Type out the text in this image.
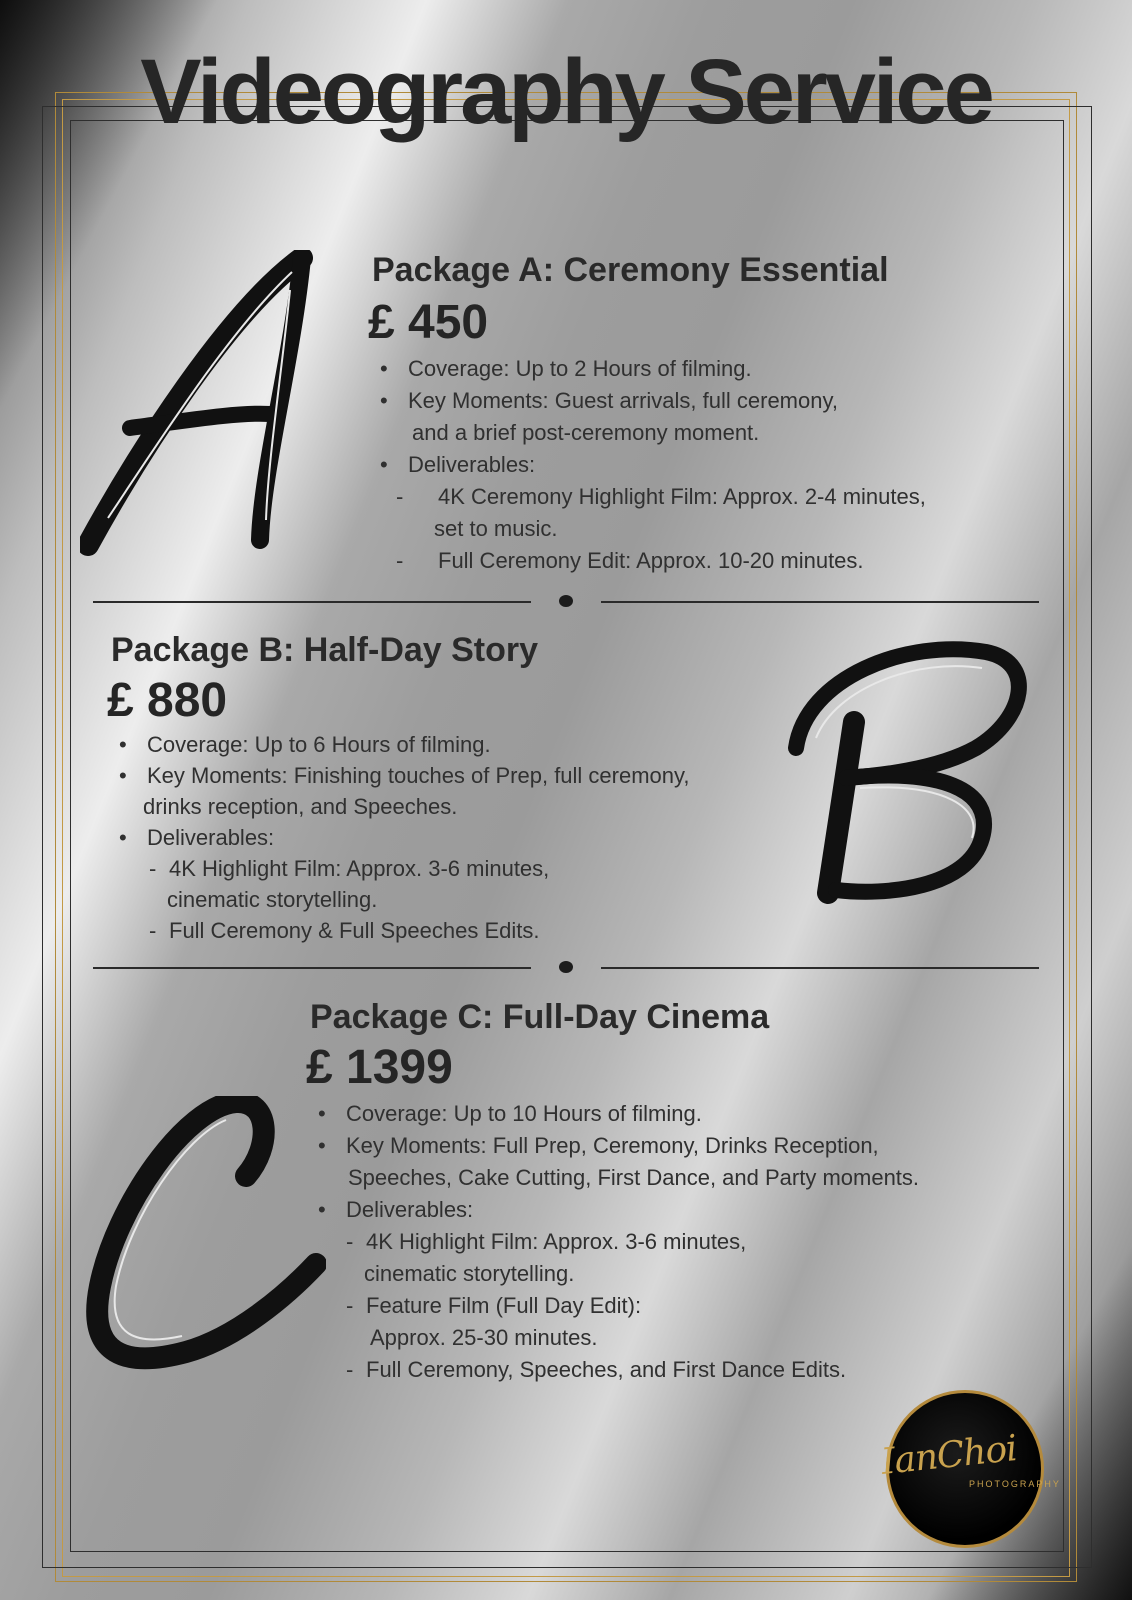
Videography Service
Package A: Ceremony Essential
£ 450
• Coverage: Up to 2 Hours of filming.
• Key Moments: Guest arrivals, full ceremony,
and a brief post-ceremony moment.
• Deliverables:
- 4K Ceremony Highlight Film: Approx. 2-4 minutes,
set to music.
- Full Ceremony Edit: Approx. 10-20 minutes.
Package B: Half-Day Story
£ 880
• Coverage: Up to 6 Hours of filming.
• Key Moments: Finishing touches of Prep, full ceremony,
drinks reception, and Speeches.
• Deliverables:
- 4K Highlight Film: Approx. 3-6 minutes,
cinematic storytelling.
- Full Ceremony & Full Speeches Edits.
Package C: Full-Day Cinema
£ 1399
• Coverage: Up to 10 Hours of filming.
• Key Moments: Full Prep, Ceremony, Drinks Reception,
Speeches, Cake Cutting, First Dance, and Party moments.
• Deliverables:
- 4K Highlight Film: Approx. 3-6 minutes,
cinematic storytelling.
- Feature Film (Full Day Edit):
Approx. 25-30 minutes.
- Full Ceremony, Speeches, and First Dance Edits.
IanChoi
PHOTOGRAPHY
